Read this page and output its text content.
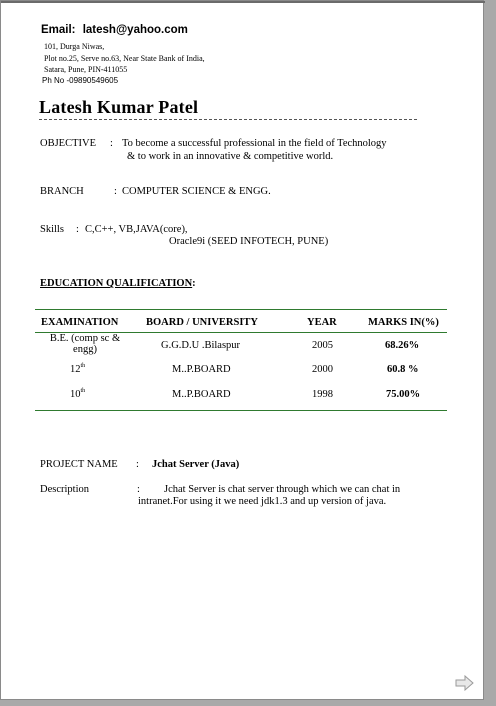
Email: latesh@yahoo.com
101, Durga Niwas,
Plot no.25, Serve no.63, Near State Bank of India,
Satara, Pune, PIN-411055
Ph No -09890549605
Latesh Kumar Patel
OBJECTIVE : To become a successful professional in the field of Technology
& to work in an innovative & competitive world.
BRANCH	: COMPUTER SCIENCE & ENGG.
Skills : C,C++, VB,JAVA(core),
Oracle9i (SEED INFOTECH, PUNE)
EDUCATION QUALIFICATION:
EXAMINATION	BOARD / UNIVERSITY	YEAR	MARKS IN(%)
B.E. (comp sc &
engg)	G.G.D.U .Bilaspur	2005	68.26%
12th	M..P.BOARD	2000	60.8 %
10th	M..P.BOARD	1998	75.00%
PROJECT NAME : Jchat Server (Java)
Description	: Jchat Server is chat server through which we can chat in
intranet.For using it we need jdk1.3 and up version of java.
